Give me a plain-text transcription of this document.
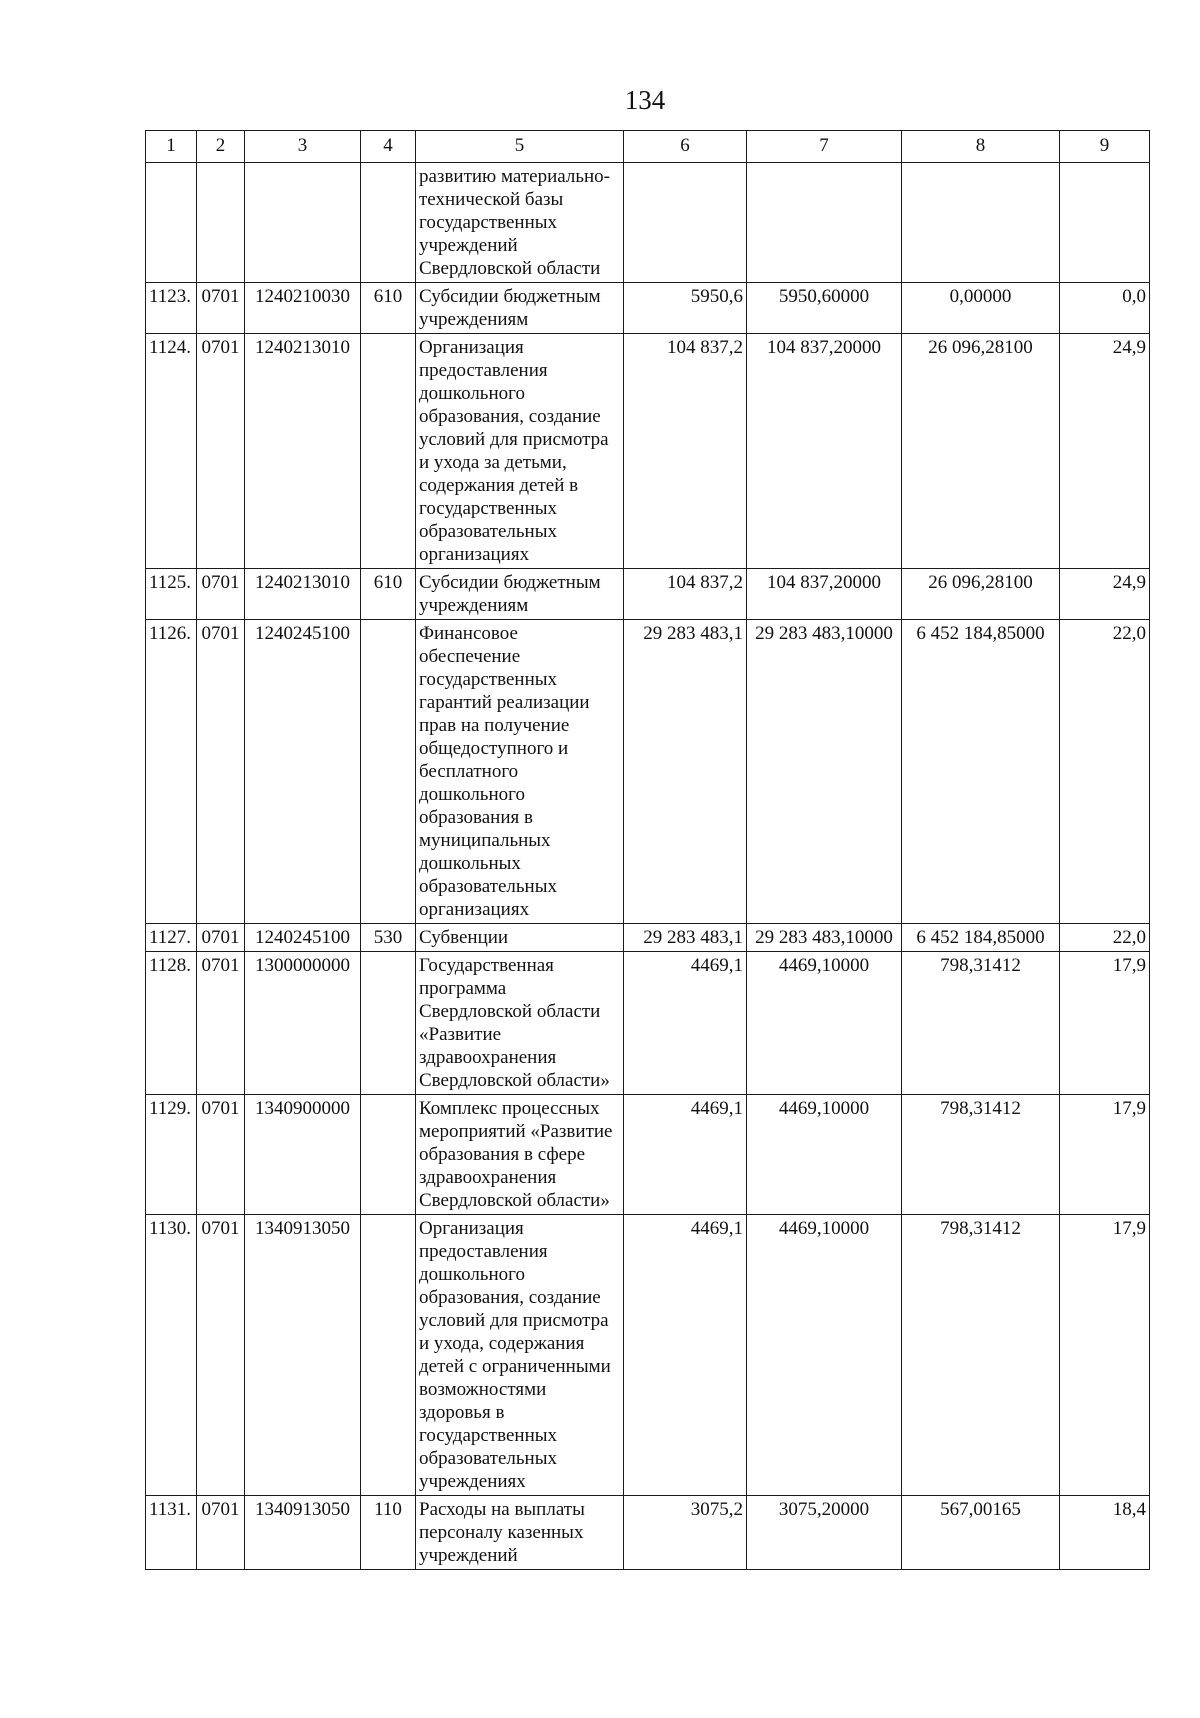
134
1	2	3	4	5	6	7	8	9
				развитию материально-технической базы государственных учреждений Свердловской области				
1123.	0701	1240210030	610	Субсидии бюджетным учреждениям	5950,6	5950,60000	0,00000	0,0
1124.	0701	1240213010		Организация предоставления дошкольного образования, создание условий для присмотра и ухода за детьми, содержания детей в государственных образовательных организациях	104 837,2	104 837,20000	26 096,28100	24,9
1125.	0701	1240213010	610	Субсидии бюджетным учреждениям	104 837,2	104 837,20000	26 096,28100	24,9
1126.	0701	1240245100		Финансовое обеспечение государственных гарантий реализации прав на получение общедоступного и бесплатного дошкольного образования в муниципальных дошкольных образовательных организациях	29 283 483,1	29 283 483,10000	6 452 184,85000	22,0
1127.	0701	1240245100	530	Субвенции	29 283 483,1	29 283 483,10000	6 452 184,85000	22,0
1128.	0701	1300000000		Государственная программа Свердловской области «Развитие здравоохранения Свердловской области»	4469,1	4469,10000	798,31412	17,9
1129.	0701	1340900000		Комплекс процессных мероприятий «Развитие образования в сфере здравоохранения Свердловской области»	4469,1	4469,10000	798,31412	17,9
1130.	0701	1340913050		Организация предоставления дошкольного образования, создание условий для присмотра и ухода, содержания детей с ограниченными возможностями здоровья в государственных образовательных учреждениях	4469,1	4469,10000	798,31412	17,9
1131.	0701	1340913050	110	Расходы на выплаты персоналу казенных учреждений	3075,2	3075,20000	567,00165	18,4
